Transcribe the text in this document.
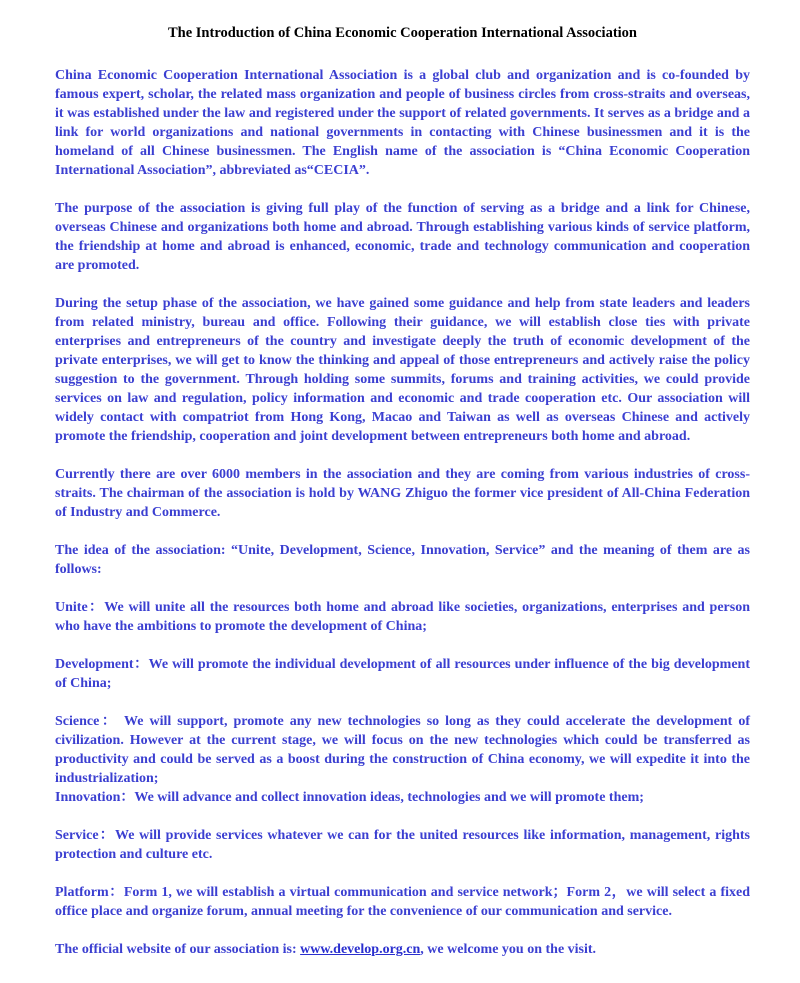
The Introduction of China Economic Cooperation International Association

China Economic Cooperation International Association is a global club and organization and is co-founded by famous expert, scholar, the related mass organization and people of business circles from cross-straits and overseas, it was established under the law and registered under the support of related governments. It serves as a bridge and a link for world organizations and national governments in contacting with Chinese businessmen and it is the homeland of all Chinese businessmen. The English name of the association is “China Economic Cooperation International Association”, abbreviated as“CECIA”.

The purpose of the association is giving full play of the function of serving as a bridge and a link for Chinese, overseas Chinese and organizations both home and abroad. Through establishing various kinds of service platform, the friendship at home and abroad is enhanced, economic, trade and technology communication and cooperation are promoted.

During the setup phase of the association, we have gained some guidance and help from state leaders and leaders from related ministry, bureau and office. Following their guidance, we will establish close ties with private enterprises and entrepreneurs of the country and investigate deeply the truth of economic development of the private enterprises, we will get to know the thinking and appeal of those entrepreneurs and actively raise the policy suggestion to the government. Through holding some summits, forums and training activities, we could provide services on law and regulation, policy information and economic and trade cooperation etc. Our association will widely contact with compatriot from Hong Kong, Macao and Taiwan as well as overseas Chinese and actively promote the friendship, cooperation and joint development between entrepreneurs both home and abroad.

Currently there are over 6000 members in the association and they are coming from various industries of cross-straits. The chairman of the association is hold by WANG Zhiguo the former vice president of All-China Federation of Industry and Commerce.

The idea of the association: “Unite, Development, Science, Innovation, Service” and the meaning of them are as follows:

Unite：We will unite all the resources both home and abroad like societies, organizations, enterprises and person who have the ambitions to promote the development of China;

Development：We will promote the individual development of all resources under influence of the big development of China;

Science： We will support, promote any new technologies so long as they could accelerate the development of civilization. However at the current stage, we will focus on the new technologies which could be transferred as productivity and could be served as a boost during the construction of China economy, we will expedite it into the industrialization;

Innovation：We will advance and collect innovation ideas, technologies and we will promote them;

Service：We will provide services whatever we can for the united resources like information, management, rights protection and culture etc.

Platform：Form 1, we will establish a virtual communication and service network；Form 2，we will select a fixed office place and organize forum, annual meeting for the convenience of our communication and service.

The official website of our association is: www.develop.org.cn, we welcome you on the visit.
